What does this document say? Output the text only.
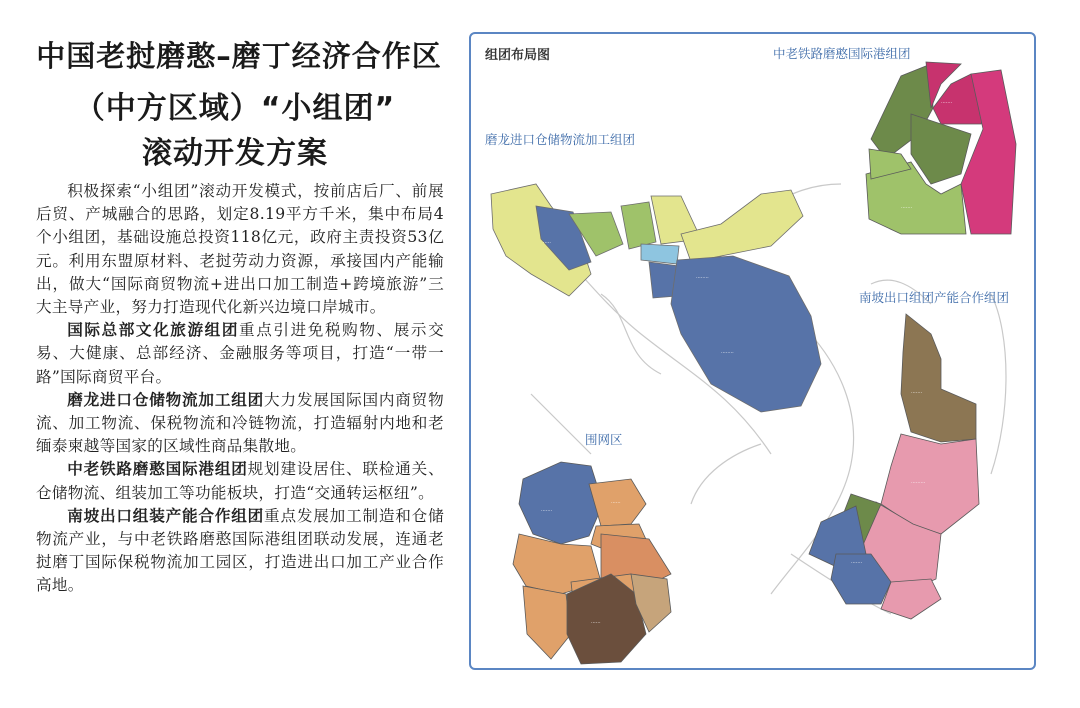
中国老挝磨憨–磨丁经济合作区
（中方区域）“小组团”
滚动开发方案

积极探索“小组团”滚动开发模式，按前店后厂、前展后贸、产城融合的思路，划定8.19平方千米，集中布局4个小组团，基础设施总投资118亿元，政府主责投资53亿元。利用东盟原材料、老挝劳动力资源，承接国内产能输出，做大“国际商贸物流+进出口加工制造+跨境旅游”三大主导产业，努力打造现代化新兴边境口岸城市。

国际总部文化旅游组团重点引进免税购物、展示交易、大健康、总部经济、金融服务等项目，打造“一带一路”国际商贸平台。

磨龙进口仓储物流加工组团大力发展国际国内商贸物流、加工物流、保税物流和冷链物流，打造辐射内地和老缅泰柬越等国家的区域性商品集散地。

中老铁路磨憨国际港组团规划建设居住、联检通关、仓储物流、组装加工等功能板块，打造“交通转运枢纽”。

南坡出口组装产能合作组团重点发展加工制造和仓储物流产业，与中老铁路磨憨国际港组团联动发展，连通老挝磨丁国际保税物流加工园区，打造进出口加工产业合作高地。

·····
········
········
·······
·······
·······
·········
·······
·······
······
······
组团布局图	中老铁路磨憨国际港组团
磨龙进口仓储物流加工组团
南坡出口组团产能合作组团
围网区
